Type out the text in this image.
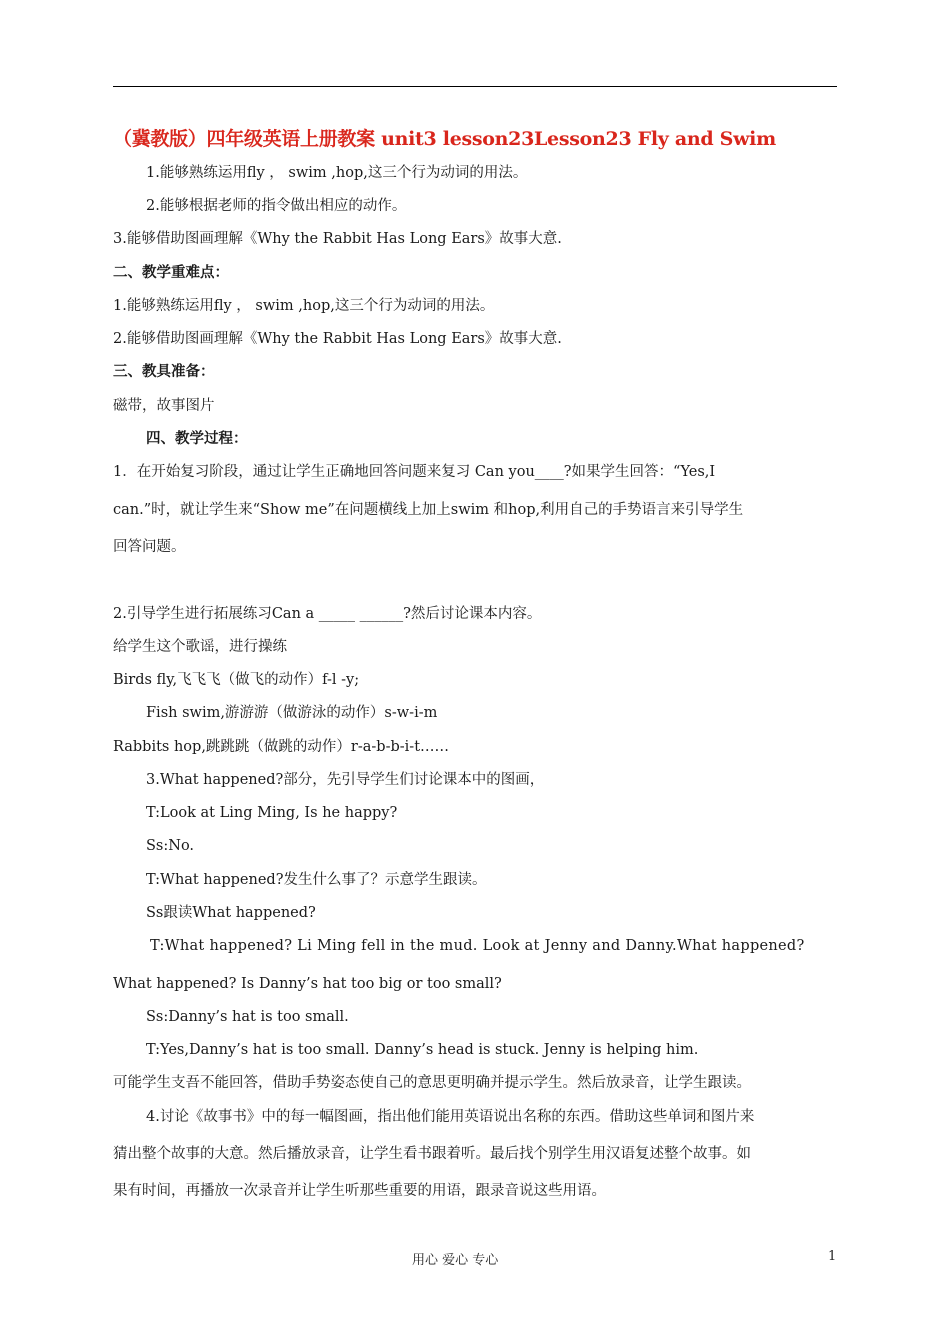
（冀教版）四年级英语上册教案 unit3 lesson23Lesson23 Fly and Swim
1.能够熟练运用fly ， swim ,hop,这三个行为动词的用法。
2.能够根据老师的指令做出相应的动作。
3.能够借助图画理解《Why the Rabbit Has Long Ears》故事大意.
二、教学重难点：
1.能够熟练运用fly ， swim ,hop,这三个行为动词的用法。
2.能够借助图画理解《Why the Rabbit Has Long Ears》故事大意.
三、教具准备：
磁带，故事图片
四、教学过程：
1．在开始复习阶段，通过让学生正确地回答问题来复习 Can you____?如果学生回答：“Yes,I
can.”时，就让学生来“Show me”在问题横线上加上swim 和hop,利用自己的手势语言来引导学生
回答问题。
2.引导学生进行拓展练习Can a _____ ______?然后讨论课本内容。
给学生这个歌谣，进行操练
Birds fly,飞飞飞（做飞的动作）f-l -y;
Fish swim,游游游（做游泳的动作）s-w-i-m
Rabbits hop,跳跳跳（做跳的动作）r-a-b-b-i-t……
3.What happened?部分，先引导学生们讨论课本中的图画，
T:Look at Ling Ming, Is he happy?
Ss:No.
T:What happened?发生什么事了？示意学生跟读。
Ss跟读What happened?
T:What happened? Li Ming fell in the mud. Look at Jenny and Danny.What happened?
What happened? Is Danny’s hat too big or too small?
Ss:Danny’s hat is too small.
T:Yes,Danny’s hat is too small. Danny’s head is stuck. Jenny is helping him.
可能学生支吾不能回答，借助手势姿态使自己的意思更明确并提示学生。然后放录音，让学生跟读。
4.讨论《故事书》中的每一幅图画，指出他们能用英语说出名称的东西。借助这些单词和图片来
猜出整个故事的大意。然后播放录音，让学生看书跟着听。最后找个别学生用汉语复述整个故事。如
果有时间，再播放一次录音并让学生听那些重要的用语，跟录音说这些用语。
用心 爱心 专心	1
